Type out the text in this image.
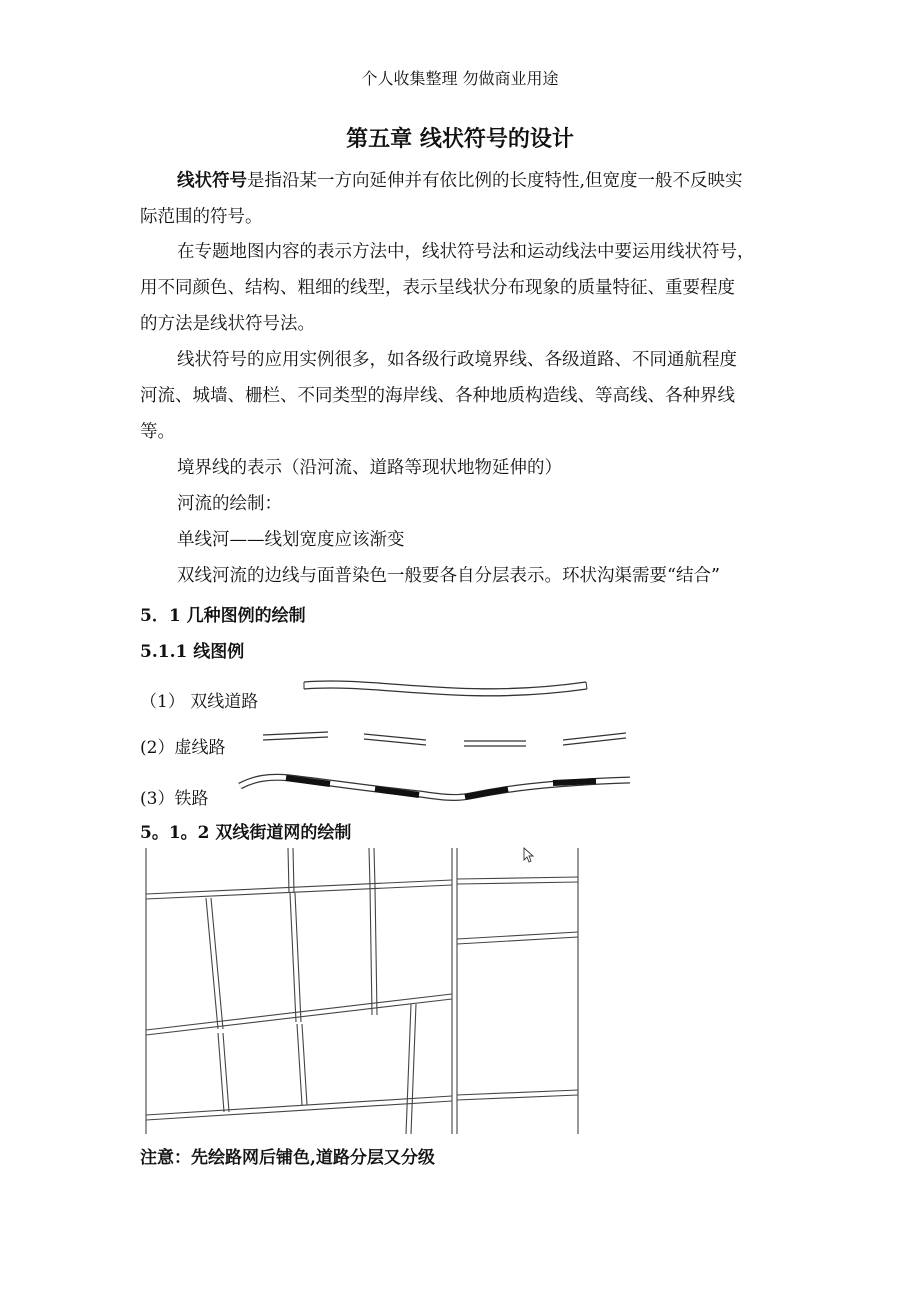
个人收集整理 勿做商业用途
第五章 线状符号的设计
线状符号是指沿某一方向延伸并有依比例的长度特性,但宽度一般不反映实
际范围的符号。
在专题地图内容的表示方法中，线状符号法和运动线法中要运用线状符号，
用不同颜色、结构、粗细的线型，表示呈线状分布现象的质量特征、重要程度
的方法是线状符号法。
线状符号的应用实例很多，如各级行政境界线、各级道路、不同通航程度
河流、城墙、栅栏、不同类型的海岸线、各种地质构造线、等高线、各种界线
等。
境界线的表示（沿河流、道路等现状地物延伸的）
河流的绘制：
单线河——线划宽度应该渐变
双线河流的边线与面普染色一般要各自分层表示。环状沟渠需要“结合”
5．1 几种图例的绘制
5.1.1 线图例
（1） 双线道路
(2）虚线路
(3）铁路
5。1。2 双线街道网的绘制
注意：先绘路网后铺色,道路分层又分级
